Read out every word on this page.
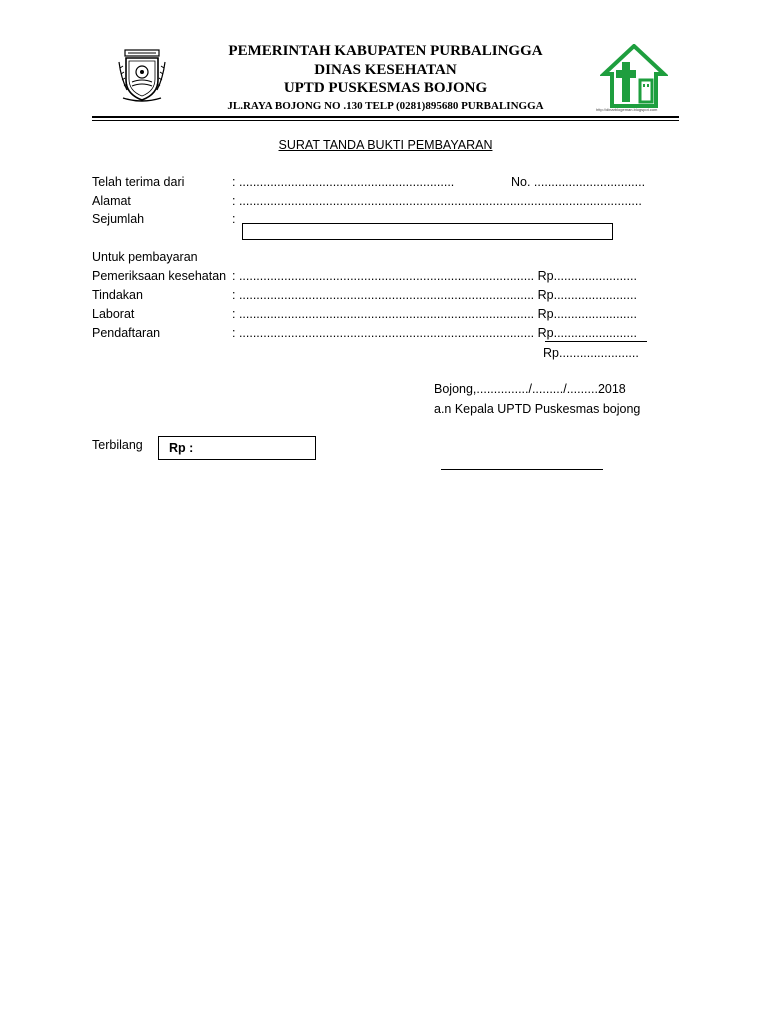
PEMERINTAH KABUPATEN PURBALINGGA
DINAS KESEHATAN
UPTD PUSKESMAS BOJONG
JL.RAYA BOJONG NO .130 TELP (0281)895680 PURBALINGGA	http://dinarblogeman.blogspot.com
SURAT TANDA BUKTI PEMBAYARAN
Telah terima dari	: ..............................................................	No. ................................
Alamat	: ....................................................................................................................
Sejumlah	:
Untuk pembayaran
Pemeriksaan kesehatan : ..................................................................................... Rp........................
Tindakan	: ..................................................................................... Rp........................
Laborat	: ..................................................................................... Rp........................
Pendaftaran	: ..................................................................................... Rp........................
Rp.......................
Bojong,.............../........./.........2018
a.n Kepala UPTD Puskesmas bojong
Terbilang Rp :
